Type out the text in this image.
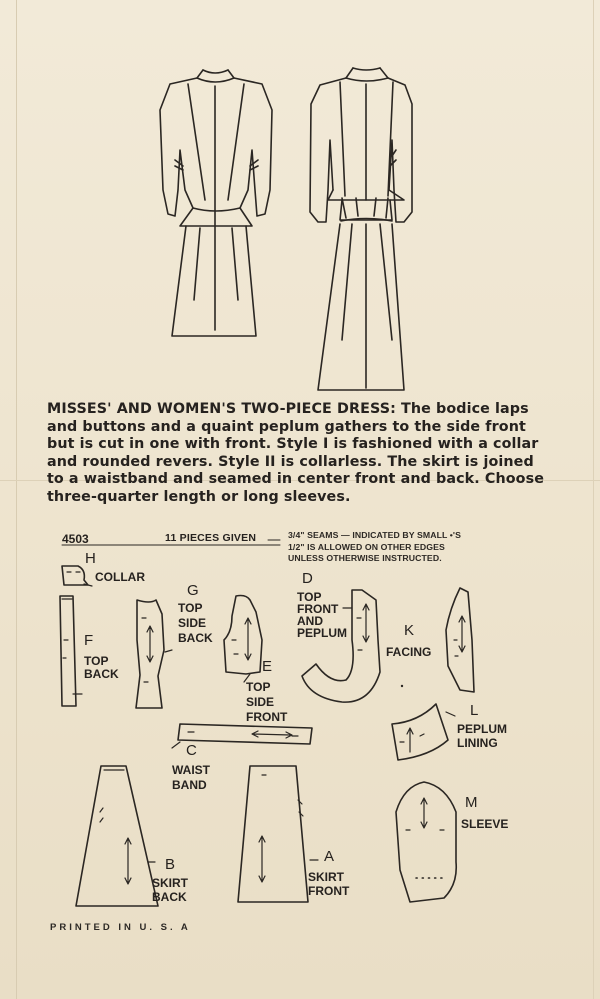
MISSES' AND WOMEN'S TWO-PIECE DRESS: The bodice laps and buttons and a quaint peplum gathers to the side front but is cut in one with front. Style I is fashioned with a collar and rounded revers. Style II is collarless. The skirt is joined to a waistband and seamed in center front and back. Choose three-quarter length or long sleeves.
4503	11 PIECES GIVEN	3/4" SEAMS — INDICATED BY SMALL •'S
1/2" IS ALLOWED ON OTHER EDGES
UNLESS OTHERWISE INSTRUCTED.
H
COLLAR
F
TOP
BACK
G
TOP
SIDE
BACK
E
TOP
SIDE
FRONT
D
TOP
FRONT
AND
PEPLUM	K
FACING
C
WAIST
BAND
L
PEPLUM
LINING
B
SKIRT
BACK
A
SKIRT
FRONT
M
SLEEVE
PRINTED IN U. S. A
